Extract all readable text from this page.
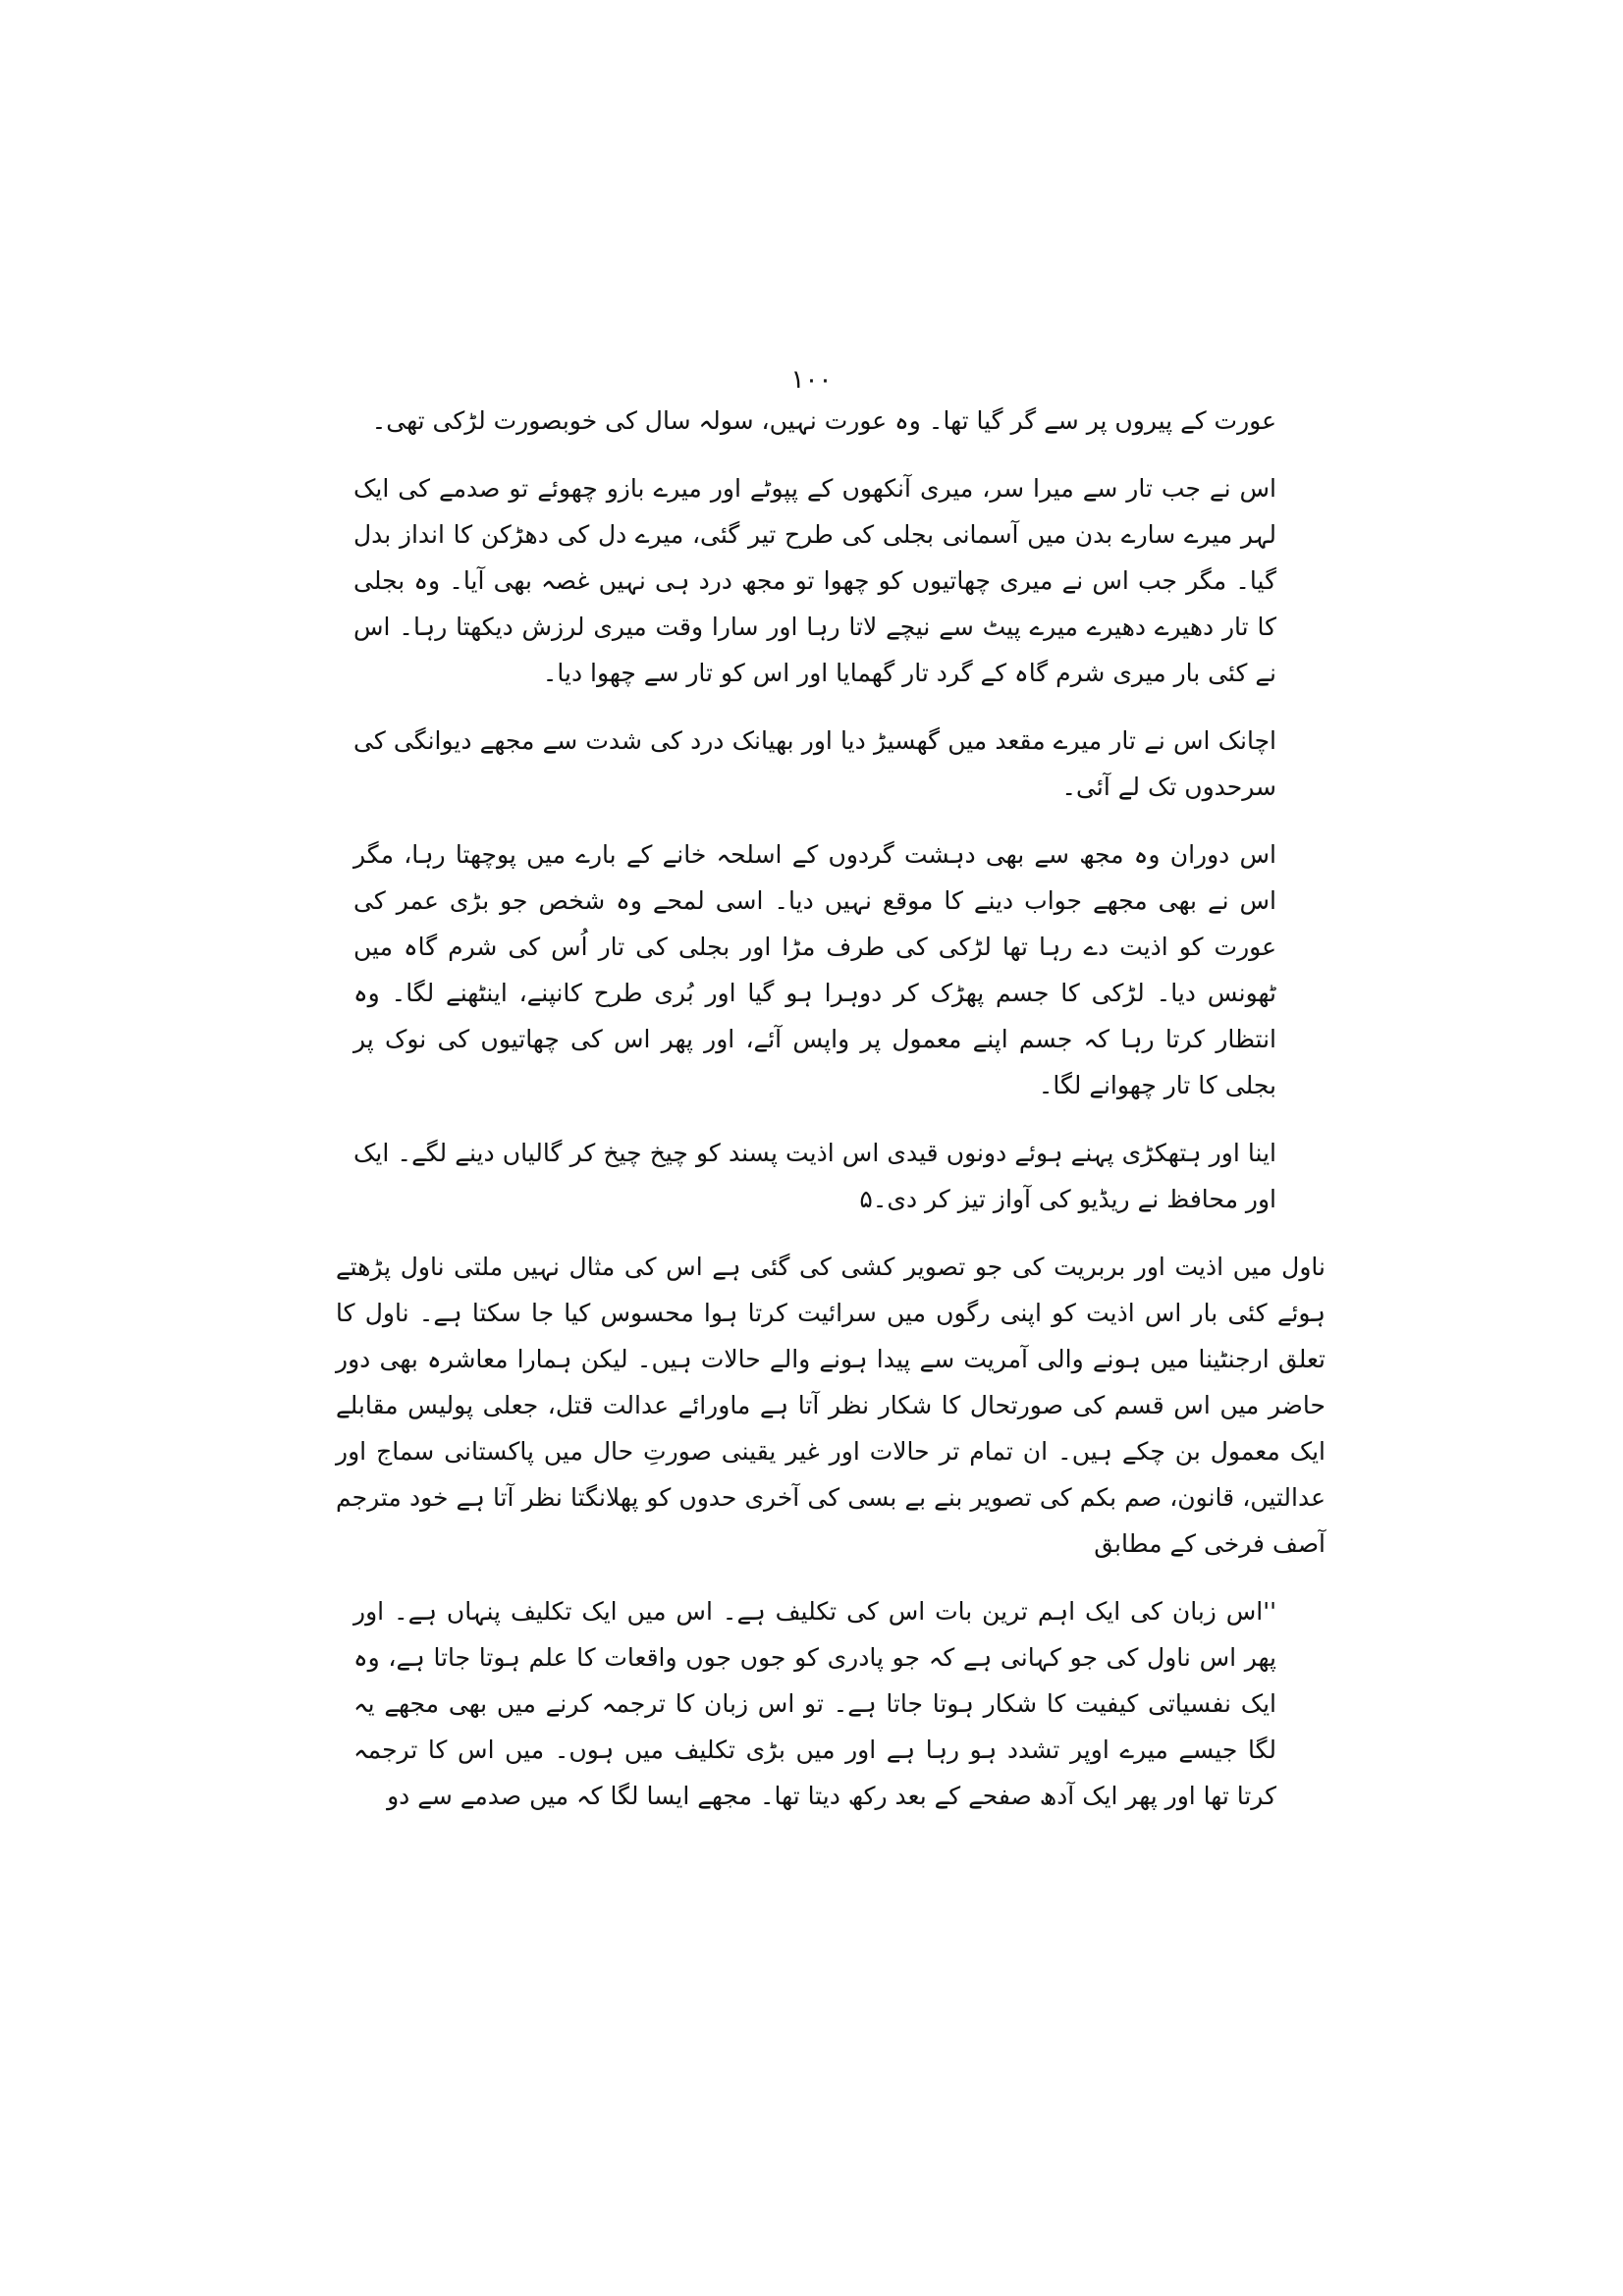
۱۰۰

عورت کے پیروں پر سے گر گیا تھا۔ وہ عورت نہیں، سولہ سال کی خوبصورت لڑکی تھی۔

اس نے جب تار سے میرا سر، میری آنکھوں کے پپوٹے اور میرے بازو چھوئے تو صدمے کی ایک لہر میرے سارے بدن میں آسمانی بجلی کی طرح تیر گئی، میرے دل کی دھڑکن کا انداز بدل گیا۔ مگر جب اس نے میری چھاتیوں کو چھوا تو مجھ درد ہی نہیں غصہ بھی آیا۔ وہ بجلی کا تار دھیرے دھیرے میرے پیٹ سے نیچے لاتا رہا اور سارا وقت میری لرزش دیکھتا رہا۔ اس نے کئی بار میری شرم گاہ کے گرد تار گھمایا اور اس کو تار سے چھوا دیا۔

اچانک اس نے تار میرے مقعد میں گھسیڑ دیا اور بھیانک درد کی شدت سے مجھے دیوانگی کی سرحدوں تک لے آئی۔

اس دوران وہ مجھ سے بھی دہشت گردوں کے اسلحہ خانے کے بارے میں پوچھتا رہا، مگر اس نے بھی مجھے جواب دینے کا موقع نہیں دیا۔ اسی لمحے وہ شخص جو بڑی عمر کی عورت کو اذیت دے رہا تھا لڑکی کی طرف مڑا اور بجلی کی تار اُس کی شرم گاہ میں ٹھونس دیا۔ لڑکی کا جسم پھڑک کر دوہرا ہو گیا اور بُری طرح کانپنے، اینٹھنے لگا۔ وہ انتظار کرتا رہا کہ جسم اپنے معمول پر واپس آئے، اور پھر اس کی چھاتیوں کی نوک پر بجلی کا تار چھوانے لگا۔

اینا اور ہتھکڑی پہنے ہوئے دونوں قیدی اس اذیت پسند کو چیخ چیخ کر گالیاں دینے لگے۔ ایک اور محافظ نے ریڈیو کی آواز تیز کر دی۔۵

ناول میں اذیت اور بربریت کی جو تصویر کشی کی گئی ہے اس کی مثال نہیں ملتی ناول پڑھتے ہوئے کئی بار اس اذیت کو اپنی رگوں میں سرائیت کرتا ہوا محسوس کیا جا سکتا ہے۔ ناول کا تعلق ارجنٹینا میں ہونے والی آمریت سے پیدا ہونے والے حالات ہیں۔ لیکن ہمارا معاشرہ بھی دور حاضر میں اس قسم کی صورتحال کا شکار نظر آتا ہے ماورائے عدالت قتل، جعلی پولیس مقابلے ایک معمول بن چکے ہیں۔ ان تمام تر حالات اور غیر یقینی صورتِ حال میں پاکستانی سماج اور عدالتیں، قانون، صم بکم کی تصویر بنے بے بسی کی آخری حدوں کو پھلانگتا نظر آتا ہے خود مترجم آصف فرخی کے مطابق

''اس زبان کی ایک اہم ترین بات اس کی تکلیف ہے۔ اس میں ایک تکلیف پنہاں ہے۔ اور پھر اس ناول کی جو کہانی ہے کہ جو پادری کو جوں جوں واقعات کا علم ہوتا جاتا ہے، وہ ایک نفسیاتی کیفیت کا شکار ہوتا جاتا ہے۔ تو اس زبان کا ترجمہ کرنے میں بھی مجھے یہ لگا جیسے میرے اوپر تشدد ہو رہا ہے اور میں بڑی تکلیف میں ہوں۔ میں اس کا ترجمہ کرتا تھا اور پھر ایک آدھ صفحے کے بعد رکھ دیتا تھا۔ مجھے ایسا لگا کہ میں صدمے سے دو
